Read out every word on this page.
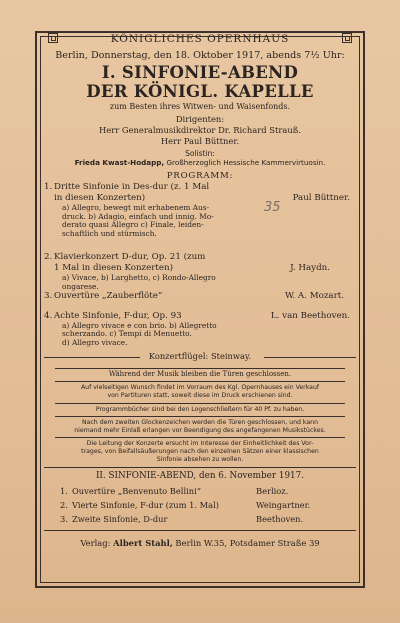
KÖNIGLICHES OPERNHAUS
Berlin, Donnerstag, den 18. Oktober 1917, abends 7½ Uhr:
I. SINFONIE-ABEND
DER KÖNIGL. KAPELLE
zum Besten ihres Witwen- und Waisenfonds.
Dirigenten:
Herr Generalmusikdirektor Dr. Richard Strauß.
Herr Paul Büttner.
Solistin:
Frieda Kwast-Hodapp, Großherzoglich Hessische Kammervirtuosin.
PROGRAMM:
1. Dritte Sinfonie in Des-dur (z. 1 Mal
in diesen Konzerten)	Paul Büttner.
a) Allegro, bewegt mit erhabenem Aus-
druck. b) Adagio, einfach und innig. Mo-
derato quasi Allegro c) Finale, leiden-
schaftlich und stürmisch.
35
2. Klavierkonzert D-dur, Op. 21 (zum
1 Mal in diesen Konzerten)	J. Haydn.
a) Vivace, b) Larghetto, c) Rondo-Allegro
ongarese.
3. Ouvertüre „Zauberflöte“	W. A. Mozart.
4. Achte Sinfonie, F-dur, Op. 93	L. van Beethoven.
a) Allegro vivace e con brio. b) Allegretto
scherzando. c) Tempi di Menuetto.
d) Allegro vivace.
Konzertflügel: Steinway.
Während der Musik bleiben die Türen geschlossen.
Auf vielseitigen Wunsch findet im Vorraum des Kgl. Opernhauses ein Verkauf
von Partituren statt, soweit diese im Druck erschienen sind.
Programmbücher sind bei den Logenschließern für 40 Pf. zu haben.
Nach dem zweiten Glockenzeichen werden die Türen geschlossen, und kann
niemand mehr Einlaß erlangen vor Beendigung des angefangenen Musikstückes.
Die Leitung der Konzerte ersucht im Interesse der Einheitlichkeit des Vor-
trages, von Beifallsäußerungen nach den einzelnen Sätzen einer klassischen
Sinfonie absehen zu wollen.
II. SINFONIE-ABEND, den 6. November 1917.
1. Ouvertüre „Benvenuto Bellini“	Berlioz.
2. Vierte Sinfonie, F-dur (zum 1. Mal)	Weingartner.
3. Zweite Sinfonie, D-dur	Beethoven.
Verlag: Albert Stahl, Berlin W.35, Potsdamer Straße 39
